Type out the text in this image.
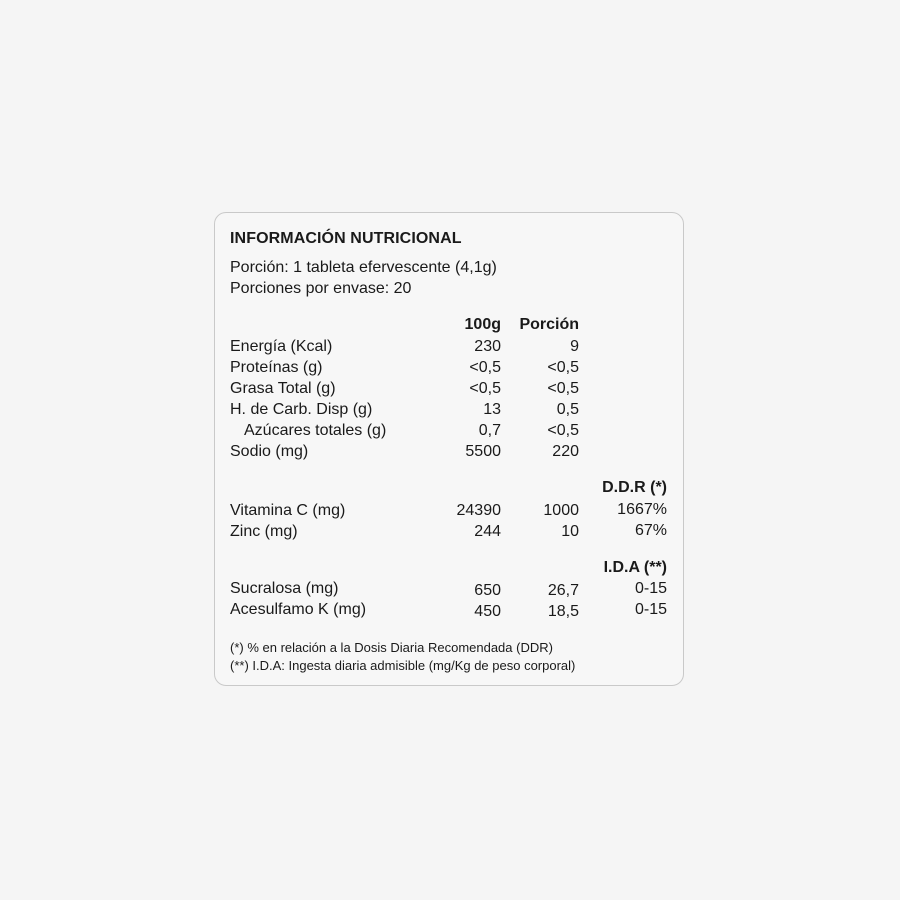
INFORMACIÓN NUTRICIONAL
Porción: 1 tableta efervescente (4,1g)
Porciones por envase: 20
100g Porción
Energía (Kcal)	230	9
Proteínas (g)	<0,5	<0,5
Grasa Total (g)	<0,5	<0,5
H. de Carb. Disp (g)	13	0,5
Azúcares totales (g)	0,7	<0,5
Sodio (mg)	5500	220
D.D.R (*)
Vitamina C (mg)	24390	1000 1667%
Zinc (mg)	244	10	67%
I.D.A (**)
Sucralosa (mg)	650	26,7	0-15
Acesulfamo K (mg)	450	18,5	0-15
(*) % en relación a la Dosis Diaria Recomendada (DDR)
(**) I.D.A: Ingesta diaria admisible (mg/Kg de peso corporal)
